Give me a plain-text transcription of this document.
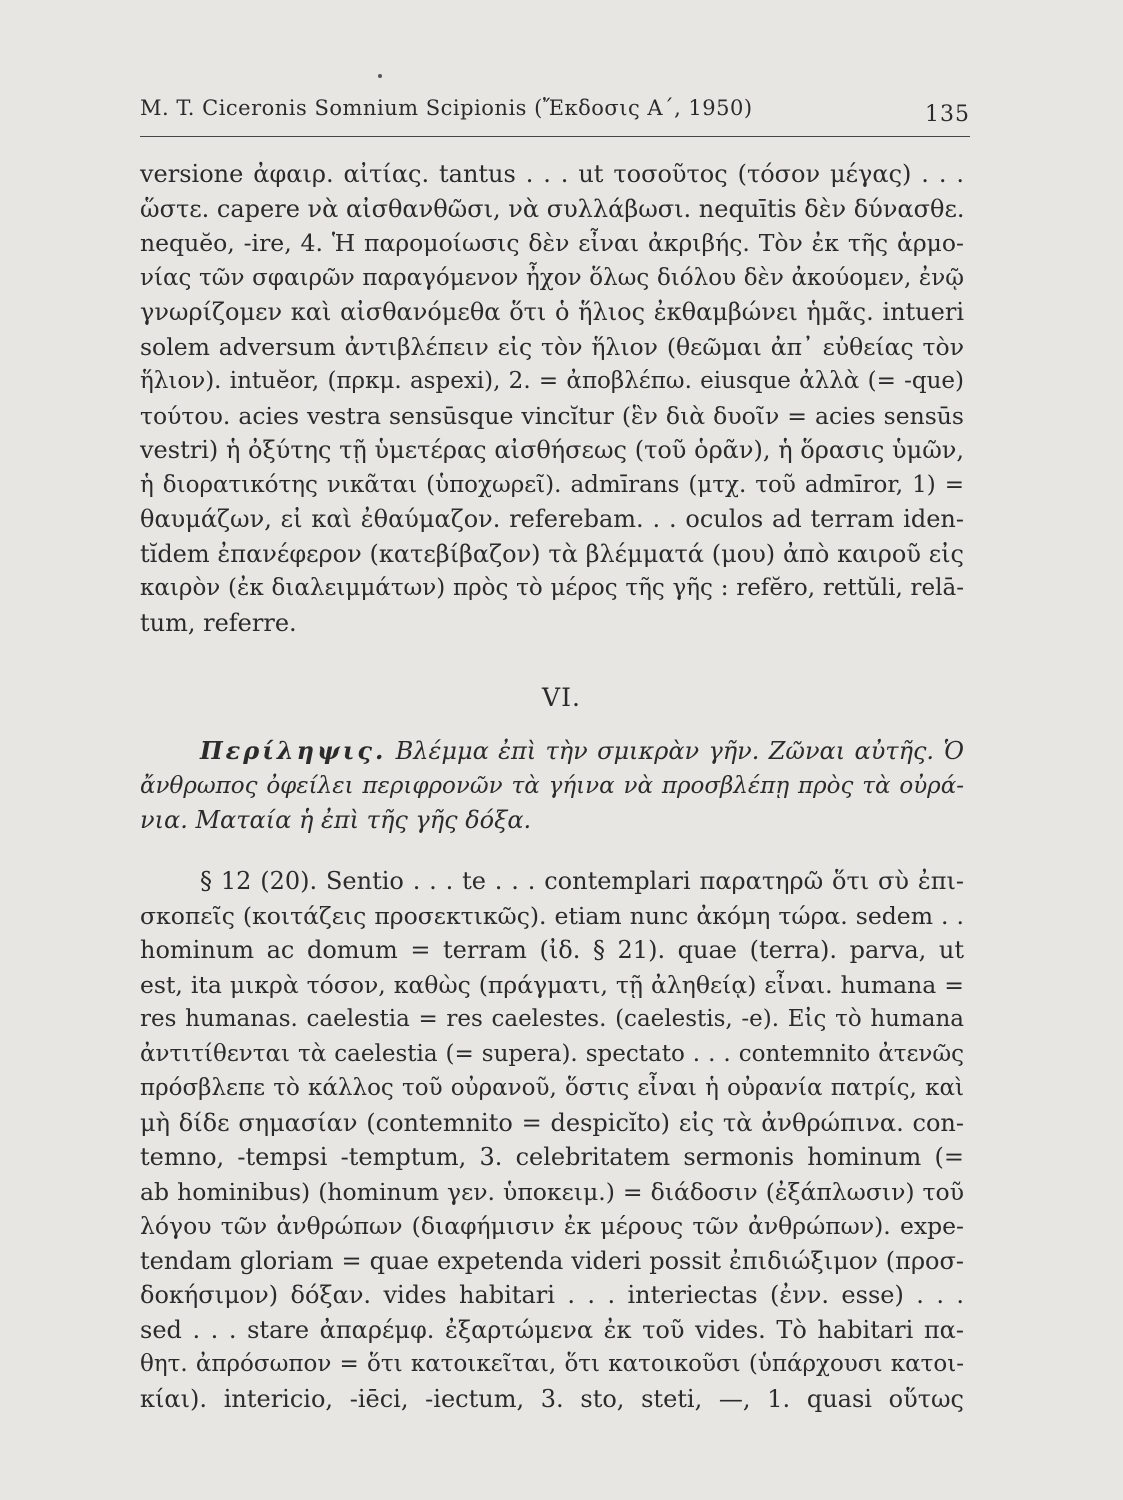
M. T. Ciceronis Somnium Scipionis (Ἔκδοσις Α΄, 1950)	135
versione ἀφαιρ. αἰτίας. tantus . . . ut τοσοῦτος (τόσον μέγας) . . .
ὥστε. capere νὰ αἰσθανθῶσι, νὰ συλλάβωσι. nequītis δὲν δύνασθε.
nequĕo, -ire, 4. Ἡ παρομοίωσις δὲν εἶναι ἀκριβής. Τὸν ἐκ τῆς ἁρμο-
νίας τῶν σφαιρῶν παραγόμενον ἦχον ὅλως διόλου δὲν ἀκούομεν, ἐνῷ
γνωρίζομεν καὶ αἰσθανόμεθα ὅτι ὁ ἥλιος ἐκθαμβώνει ἡμᾶς. intueri
solem adversum ἀντιβλέπειν εἰς τὸν ἥλιον (θεῶμαι ἀπ᾽ εὐθείας τὸν
ἥλιον). intuĕor, (πρκμ. aspexi), 2. = ἀποβλέπω. eiusque ἀλλὰ (= -que)
τούτου. acies vestra sensūsque vincĭtur (ἓν διὰ δυοῖν = acies sensūs
vestri) ἡ ὀξύτης τῇ ὑμετέρας αἰσθήσεως (τοῦ ὁρᾶν), ἡ ὅρασις ὑμῶν,
ἡ διορατικότης νικᾶται (ὑποχωρεῖ). admīrans (μτχ. τοῦ admīror, 1) =
θαυμάζων, εἰ καὶ ἐθαύμαζον. referebam. . . oculos ad terram iden-
tĭdem ἐπανέφερον (κατεβίβαζον) τὰ βλέμματά (μου) ἀπὸ καιροῦ εἰς
καιρὸν (ἐκ διαλειμμάτων) πρὸς τὸ μέρος τῆς γῆς : refĕro, rettŭli, relā-
tum, referre.
VI.
Περίληψις. Βλέμμα ἐπὶ τὴν σμικρὰν γῆν. Ζῶναι αὐτῆς. Ὁ
ἄνθρωπος ὀφείλει περιφρονῶν τὰ γήινα νὰ προσβλέπῃ πρὸς τὰ οὐρά-
νια. Ματαία ἡ ἐπὶ τῆς γῆς δόξα.
§ 12 (20). Sentio . . . te . . . contemplari παρατηρῶ ὅτι σὺ ἐπι-
σκοπεῖς (κοιτάζεις προσεκτικῶς). etiam nunc ἀκόμη τώρα. sedem . .
hominum ac domum = terram (ἰδ. § 21). quae (terra). parva, ut
est, ita μικρὰ τόσον, καθὼς (πράγματι, τῇ ἀληθείᾳ) εἶναι. humana =
res humanas. caelestia = res caelestes. (caelestis, -e). Εἰς τὸ humana
ἀντιτίθενται τὰ caelestia (= supera). spectato . . . contemnito ἀτενῶς
πρόσβλεπε τὸ κάλλος τοῦ οὐρανοῦ, ὅστις εἶναι ἡ οὐρανία πατρίς, καὶ
μὴ δίδε σημασίαν (contemnito = despicĭto) εἰς τὰ ἀνθρώπινα. con-
temno, -tempsi -temptum, 3. celebritatem sermonis hominum (=
ab hominibus) (hominum γεν. ὑποκειμ.) = διάδοσιν (ἐξάπλωσιν) τοῦ
λόγου τῶν ἀνθρώπων (διαφήμισιν ἐκ μέρους τῶν ἀνθρώπων). expe-
tendam gloriam = quae expetenda videri possit ἐπιδιώξιμον (προσ-
δοκήσιμον) δόξαν. vides habitari . . . interiectas (ἐνν. esse) . . .
sed . . . stare ἀπαρέμφ. ἐξαρτώμενα ἐκ τοῦ vides. Τὸ habitari πα-
θητ. ἀπρόσωπον = ὅτι κατοικεῖται, ὅτι κατοικοῦσι (ὑπάρχουσι κατοι-
κίαι). intericio, -iēci, -iectum, 3. sto, steti, —, 1. quasi οὕτως
